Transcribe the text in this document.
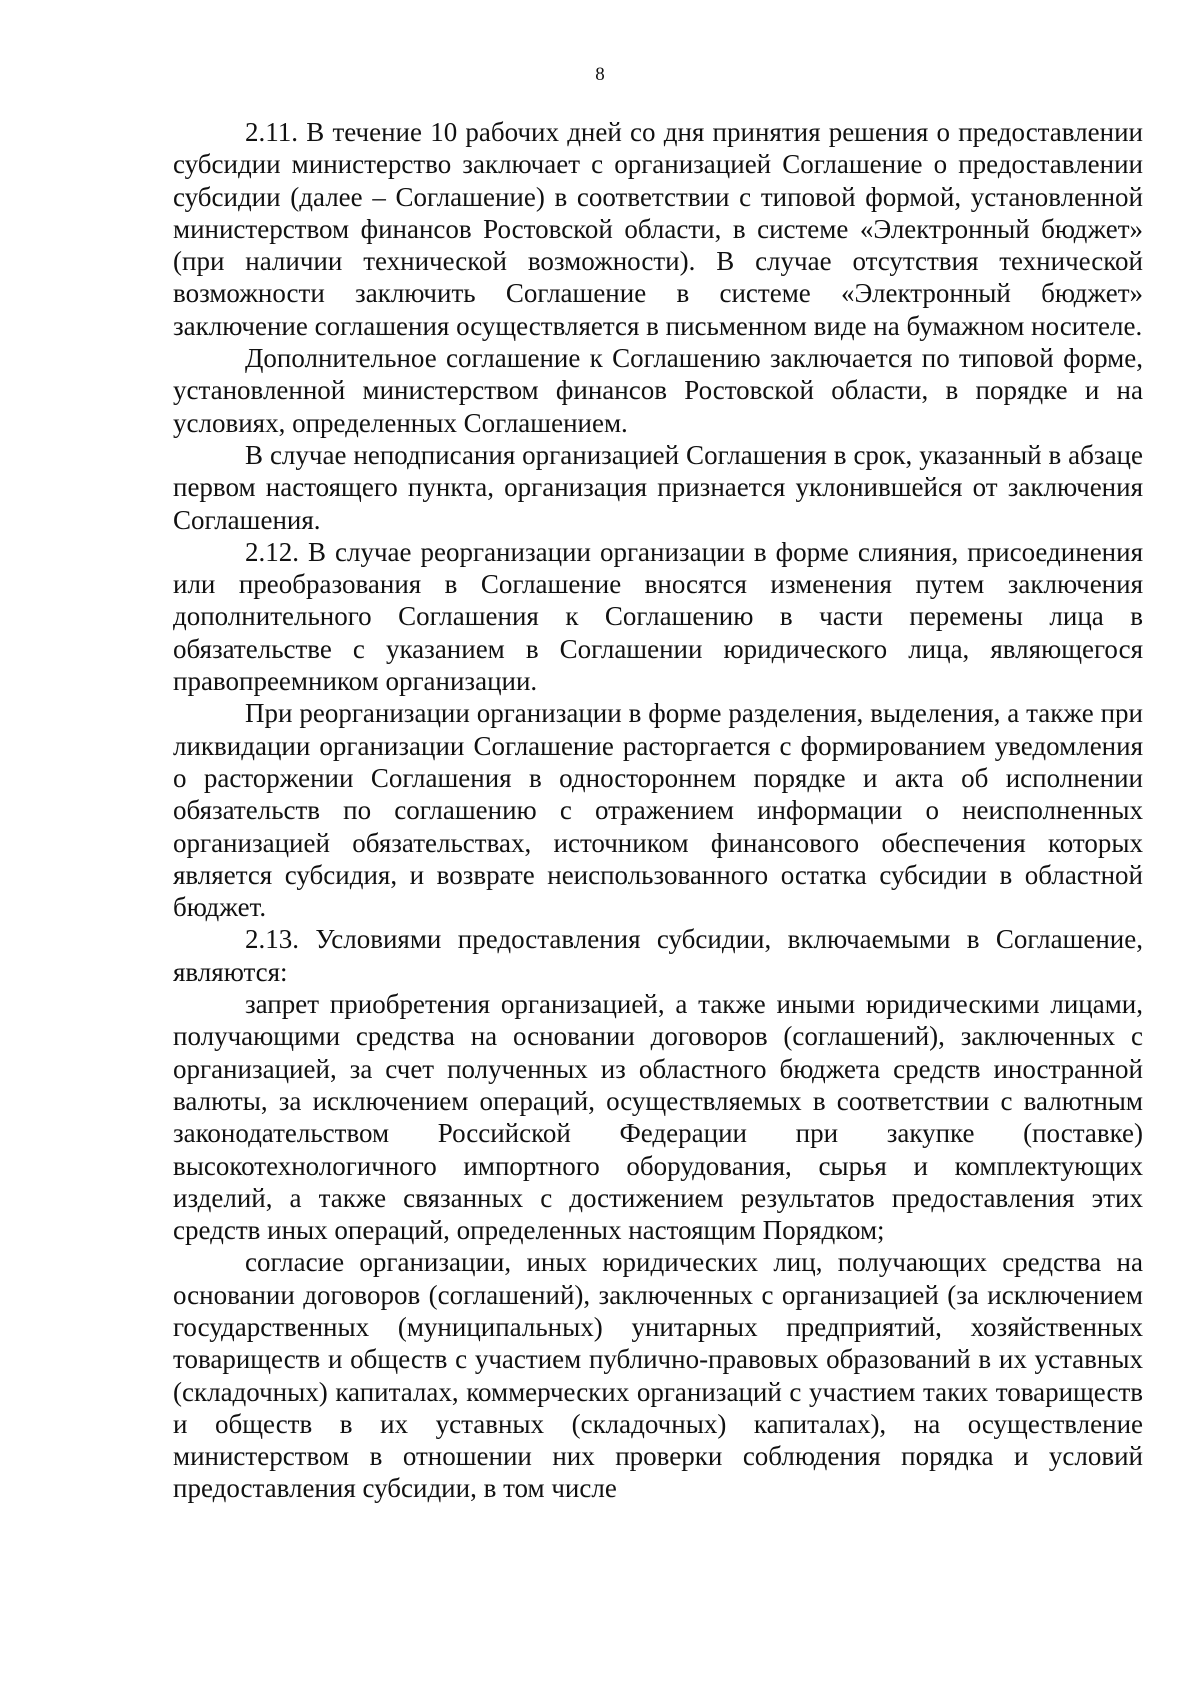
8

2.11. В течение 10 рабочих дней со дня принятия решения о предоставлении субсидии министерство заключает с организацией Соглашение о предоставлении субсидии (далее – Соглашение) в соответствии с типовой формой, установленной министерством финансов Ростовской области, в системе «Электронный бюджет» (при наличии технической возможности). В случае отсутствия технической возможности заключить Соглашение в системе «Электронный бюджет» заключение соглашения осуществляется в письменном виде на бумажном носителе.

Дополнительное соглашение к Соглашению заключается по типовой форме, установленной министерством финансов Ростовской области, в порядке и на условиях, определенных Соглашением.

В случае неподписания организацией Соглашения в срок, указанный в абзаце первом настоящего пункта, организация признается уклонившейся от заключения Соглашения.

2.12. В случае реорганизации организации в форме слияния, присоединения или преобразования в Соглашение вносятся изменения путем заключения дополнительного Соглашения к Соглашению в части перемены лица в обязательстве с указанием в Соглашении юридического лица, являющегося правопреемником организации.

При реорганизации организации в форме разделения, выделения, а также при ликвидации организации Соглашение расторгается с формированием уведомления о расторжении Соглашения в одностороннем порядке и акта об исполнении обязательств по соглашению с отражением информации о неисполненных организацией обязательствах, источником финансового обеспечения которых является субсидия, и возврате неиспользованного остатка субсидии в областной бюджет.

2.13. Условиями предоставления субсидии, включаемыми в Соглашение, являются:

запрет приобретения организацией, а также иными юридическими лицами, получающими средства на основании договоров (соглашений), заключенных с организацией, за счет полученных из областного бюджета средств иностранной валюты, за исключением операций, осуществляемых в соответствии с валютным законодательством Российской Федерации при закупке (поставке) высокотехнологичного импортного оборудования, сырья и комплектующих изделий, а также связанных с достижением результатов предоставления этих средств иных операций, определенных настоящим Порядком;

согласие организации, иных юридических лиц, получающих средства на основании договоров (соглашений), заключенных с организацией (за исключением государственных (муниципальных) унитарных предприятий, хозяйственных товариществ и обществ с участием публично-правовых образований в их уставных (складочных) капиталах, коммерческих организаций с участием таких товариществ и обществ в их уставных (складочных) капиталах), на осуществление министерством в отношении них проверки соблюдения порядка и условий предоставления субсидии, в том числе
